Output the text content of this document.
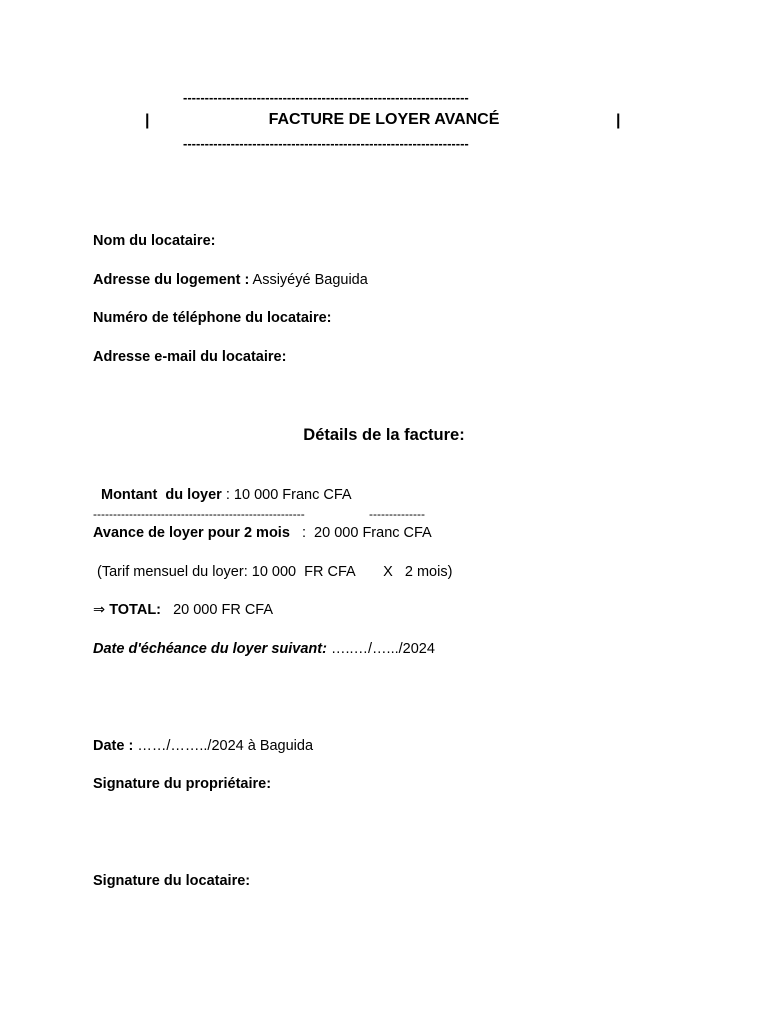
------------------------------------------------------------------
|	FACTURE DE LOYER AVANCÉ	|
------------------------------------------------------------------
Nom du locataire:
Adresse du logement : Assiyéyé Baguida
Numéro de téléphone du locataire:
Adresse e-mail du locataire:
Détails de la facture:
Montant  du loyer : 10 000 Franc CFA
-----------------------------------------------------	--------------
Avance de loyer pour 2 mois   :  20 000 Franc CFA
(Tarif mensuel du loyer: 10 000  FR CFA       X   2 mois)
⇒ TOTAL:   20 000 FR CFA
Date d'échéance du loyer suivant: …..…/….../2024
Date : ……/……../2024 à Baguida
Signature du propriétaire:
Signature du locataire:
